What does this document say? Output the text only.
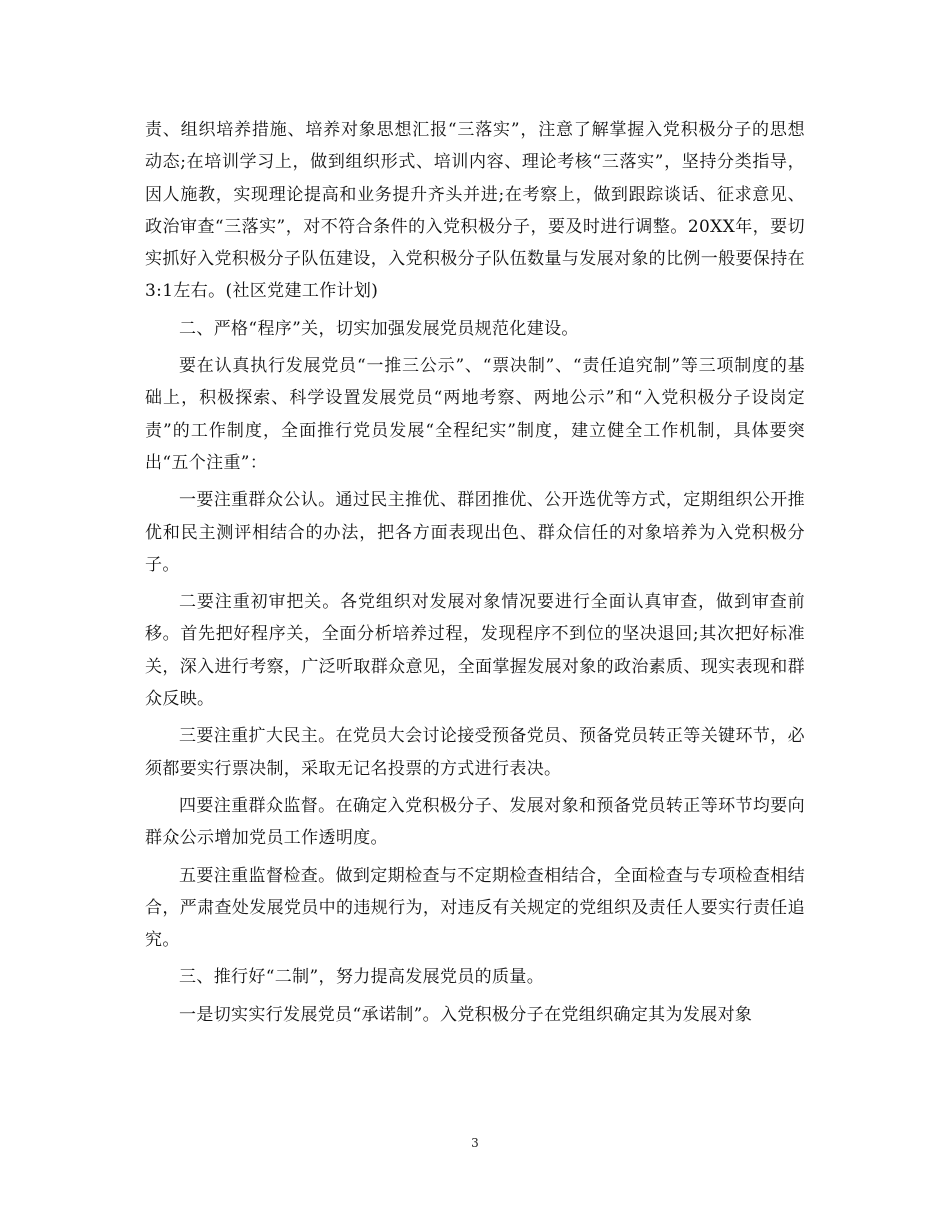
责、组织培养措施、培养对象思想汇报“三落实”，注意了解掌握入党积极分子的思想动态;在培训学习上，做到组织形式、培训内容、理论考核“三落实”，坚持分类指导，因人施教，实现理论提高和业务提升齐头并进;在考察上，做到跟踪谈话、征求意见、政治审查“三落实”，对不符合条件的入党积极分子，要及时进行调整。20XX年，要切实抓好入党积极分子队伍建设，入党积极分子队伍数量与发展对象的比例一般要保持在3:1左右。(社区党建工作计划)

二、严格“程序”关，切实加强发展党员规范化建设。

要在认真执行发展党员“一推三公示”、“票决制”、“责任追究制”等三项制度的基础上，积极探索、科学设置发展党员“两地考察、两地公示”和“入党积极分子设岗定责”的工作制度，全面推行党员发展“全程纪实”制度，建立健全工作机制，具体要突出“五个注重”：

一要注重群众公认。通过民主推优、群团推优、公开选优等方式，定期组织公开推优和民主测评相结合的办法，把各方面表现出色、群众信任的对象培养为入党积极分子。

二要注重初审把关。各党组织对发展对象情况要进行全面认真审查，做到审查前移。首先把好程序关，全面分析培养过程，发现程序不到位的坚决退回;其次把好标准关，深入进行考察，广泛听取群众意见，全面掌握发展对象的政治素质、现实表现和群众反映。

三要注重扩大民主。在党员大会讨论接受预备党员、预备党员转正等关键环节，必须都要实行票决制，采取无记名投票的方式进行表决。

四要注重群众监督。在确定入党积极分子、发展对象和预备党员转正等环节均要向群众公示增加党员工作透明度。

五要注重监督检查。做到定期检查与不定期检查相结合，全面检查与专项检查相结合，严肃查处发展党员中的违规行为，对违反有关规定的党组织及责任人要实行责任追究。

三、推行好“二制”，努力提高发展党员的质量。

一是切实实行发展党员“承诺制”。入党积极分子在党组织确定其为发展对象

3
